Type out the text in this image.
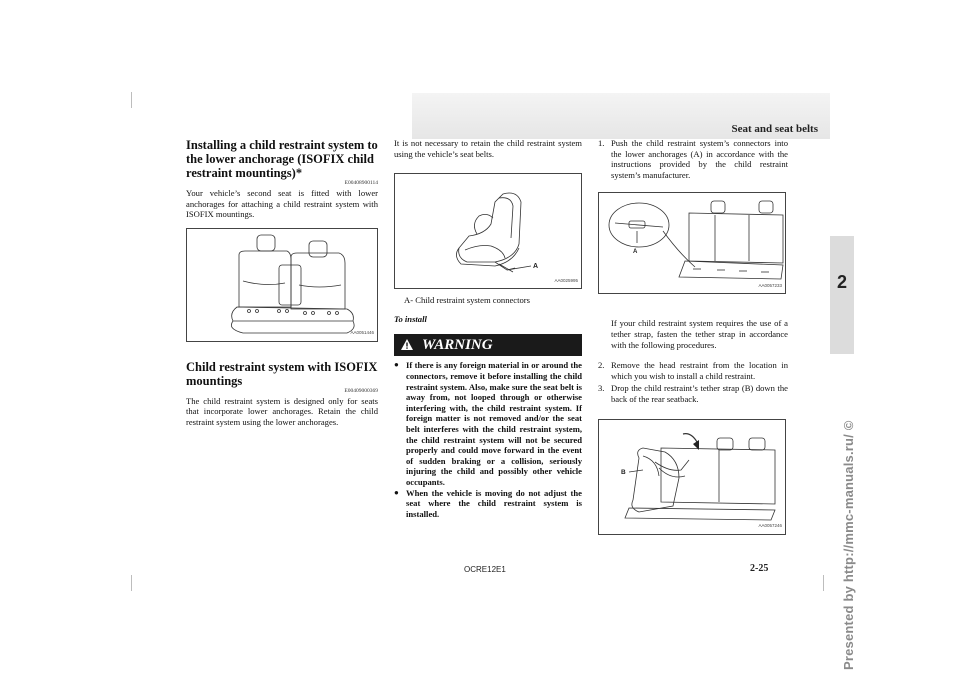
Seat and seat belts
2
Presented by http://mmc-manuals.ru/ ©
Installing a child restraint system to the lower anchorage (ISOFIX child restraint mountings)*
E00408900114

Your vehicle’s second seat is fitted with lower anchorages for attaching a child restraint system with ISOFIX mountings.

AA0051446
Child restraint system with ISOFIX mountings
E00409000369

The child restraint system is designed only for seats that incorporate lower anchorages. Retain the child restraint system using the lower anchorages.

It is not necessary to retain the child restraint system using the vehicle’s seat belts.

A
AA0025995
A- Child restraint system connectors
To install
WARNING
● If there is any foreign material in or around the connectors, remove it before installing the child restraint system. Also, make sure the seat belt is away from, not looped through or otherwise interfering with, the child restraint system. If foreign matter is not removed and/or the seat belt interferes with the child restraint system, the child restraint system will not be secured properly and could move forward in the event of sudden braking or a collision, seriously injuring the child and possibly other vehicle occupants.
● When the vehicle is moving do not adjust the seat where the child restraint system is installed.
1. Push the child restraint system’s connectors into the lower anchorages (A) in accordance with the instructions provided by the child restraint system’s manufacturer.
A
AA0057233

If your child restraint system requires the use of a tether strap, fasten the tether strap in accordance with the following procedures.

2. Remove the head restraint from the location in which you wish to install a child restraint.
3. Drop the child restraint’s tether strap (B) down the back of the rear seatback.
B
AA0057246
OCRE12E1	2-25
